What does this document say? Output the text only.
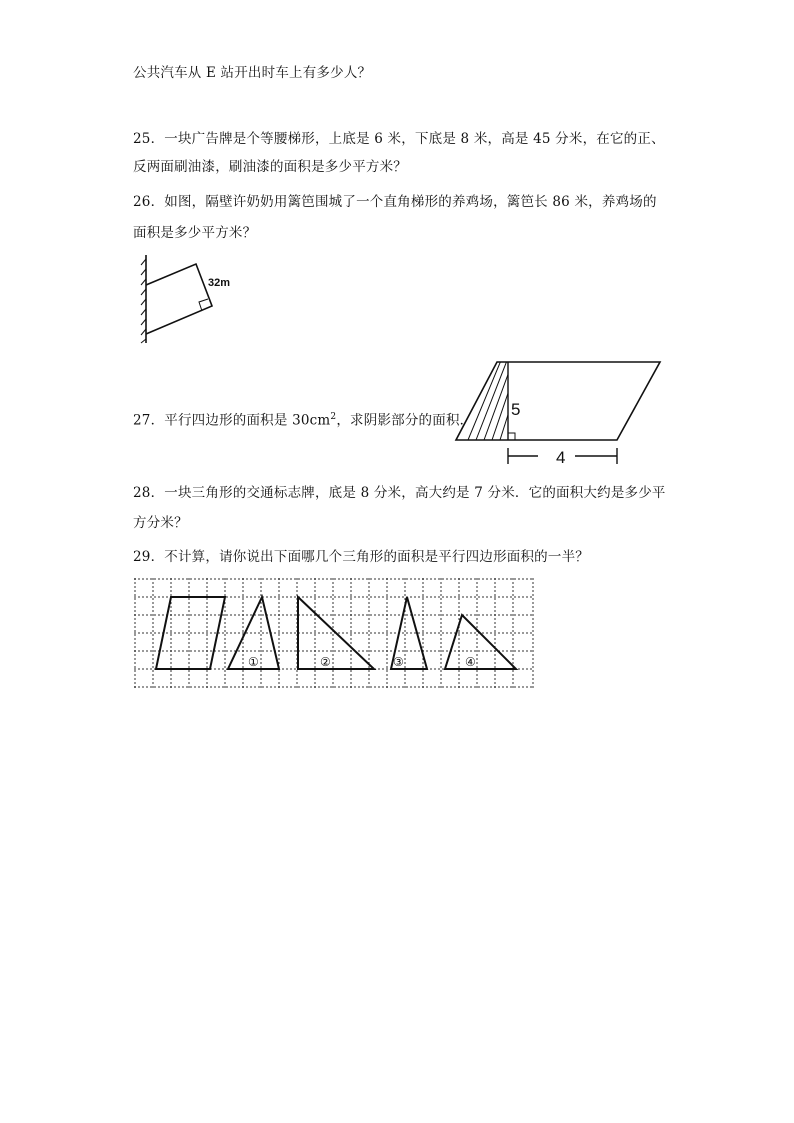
公共汽车从 E 站开出时车上有多少人？
25．一块广告牌是个等腰梯形，上底是 6 米，下底是 8 米，高是 45 分米，在它的正、
反两面刷油漆，刷油漆的面积是多少平方米？
26．如图，隔壁许奶奶用篱笆围城了一个直角梯形的养鸡场，篱笆长 86 米，养鸡场的
面积是多少平方米？
32m
27．平行四边形的面积是 $30cm^2$，求阴影部分的面积．
5
4
28．一块三角形的交通标志牌，底是 8 分米，高大约是 7 分米．它的面积大约是多少平
方分米？
29．不计算，请你说出下面哪几个三角形的面积是平行四边形面积的一半？
①	②	③	④
